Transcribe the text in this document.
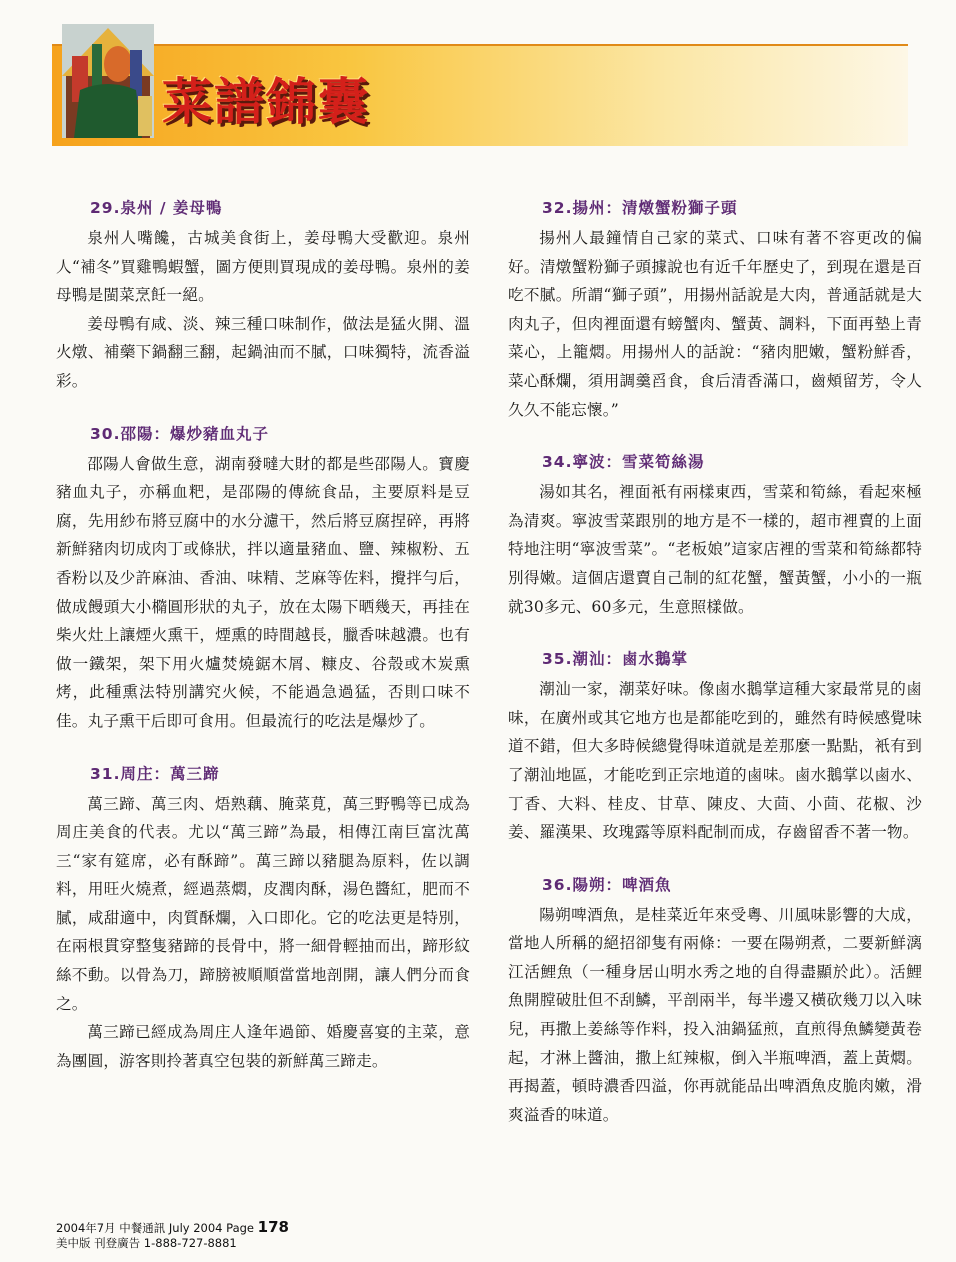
菜譜錦囊
29.泉州 / 姜母鴨

泉州人嘴饞，古城美食街上，姜母鴨大受歡迎。泉州人“補冬”買雞鴨蝦蟹，圖方便則買現成的姜母鴨。泉州的姜母鴨是閩菜烹飪一絕。

姜母鴨有咸、淡、辣三種口味制作，做法是猛火開、溫火燉、補藥下鍋翻三翻，起鍋油而不膩，口味獨特，流香溢彩。

30.邵陽：爆炒豬血丸子

邵陽人會做生意，湖南發噠大財的都是些邵陽人。寶慶豬血丸子，亦稱血粑，是邵陽的傳統食品，主要原料是豆腐，先用紗布將豆腐中的水分濾干，然后將豆腐捏碎，再將新鮮豬肉切成肉丁或條狀，拌以適量豬血、鹽、辣椒粉、五香粉以及少許麻油、香油、味精、芝麻等佐料，攪拌勻后，做成饅頭大小橢圓形狀的丸子，放在太陽下晒幾天，再挂在柴火灶上讓煙火熏干，煙熏的時間越長，臘香味越濃。也有做一鐵架，架下用火爐焚燒鋸木屑、糠皮、谷殼或木炭熏烤，此種熏法特別講究火候，不能過急過猛，否則口味不佳。丸子熏干后即可食用。但最流行的吃法是爆炒了。

31.周庄：萬三蹄

萬三蹄、萬三肉、焐熟藕、腌菜莧，萬三野鴨等已成為周庄美食的代表。尤以“萬三蹄”為最，相傳江南巨富沈萬三“家有筵席，必有酥蹄”。萬三蹄以豬腿為原料，佐以調料，用旺火燒煮，經過蒸燜，皮潤肉酥，湯色醬紅，肥而不膩，咸甜適中，肉質酥爛，入口即化。它的吃法更是特別，在兩根貫穿整隻豬蹄的長骨中，將一細骨輕抽而出，蹄形紋絲不動。以骨為刀，蹄膀被順順當當地剖開，讓人們分而食之。

萬三蹄已經成為周庄人逢年過節、婚慶喜宴的主菜，意為團圓，游客則拎著真空包裝的新鮮萬三蹄走。

32.揚州：清燉蟹粉獅子頭

揚州人最鐘情自己家的菜式、口味有著不容更改的偏好。清燉蟹粉獅子頭據說也有近千年歷史了，到現在還是百吃不膩。所謂“獅子頭”，用揚州話說是大肉，普通話就是大肉丸子，但肉裡面還有螃蟹肉、蟹黃、調料，下面再墊上青菜心，上籠燜。用揚州人的話說：“豬肉肥嫩，蟹粉鮮香，菜心酥爛，須用調羹舀食，食后清香滿口，齒頰留芳，令人久久不能忘懷。”

34.寧波：雪菜筍絲湯

湯如其名，裡面衹有兩樣東西，雪菜和筍絲，看起來極為清爽。寧波雪菜跟別的地方是不一樣的，超市裡賣的上面特地注明“寧波雪菜”。“老板娘”這家店裡的雪菜和筍絲都特別得嫩。這個店還賣自己制的紅花蟹，蟹黃蟹，小小的一瓶就30多元、60多元，生意照樣做。

35.潮汕：鹵水鵝掌

潮汕一家，潮菜好味。像鹵水鵝掌這種大家最常見的鹵味，在廣州或其它地方也是都能吃到的，雖然有時候感覺味道不錯，但大多時候總覺得味道就是差那麼一點點，衹有到了潮汕地區，才能吃到正宗地道的鹵味。鹵水鵝掌以鹵水、丁香、大料、桂皮、甘草、陳皮、大茴、小茴、花椒、沙姜、羅漢果、玫瑰露等原料配制而成，存齒留香不著一物。

36.陽朔：啤酒魚

陽朔啤酒魚，是桂菜近年來受粵、川風味影響的大成，當地人所稱的絕招卻隻有兩條：一要在陽朔煮，二要新鮮漓江活鯉魚（一種身居山明水秀之地的自得盡顯於此）。活鯉魚開膛破肚但不刮鱗，平剖兩半，每半邊又橫砍幾刀以入味兒，再撒上姜絲等作料，投入油鍋猛煎，直煎得魚鱗變黃卷起，才淋上醬油，撒上紅辣椒，倒入半瓶啤酒，蓋上黃燜。再揭蓋，頓時濃香四溢，你再就能品出啤酒魚皮脆肉嫩，滑爽溢香的味道。

2004年7月 中餐通訊 July 2004 Page 178
美中版 刊登廣告 1-888-727-8881
